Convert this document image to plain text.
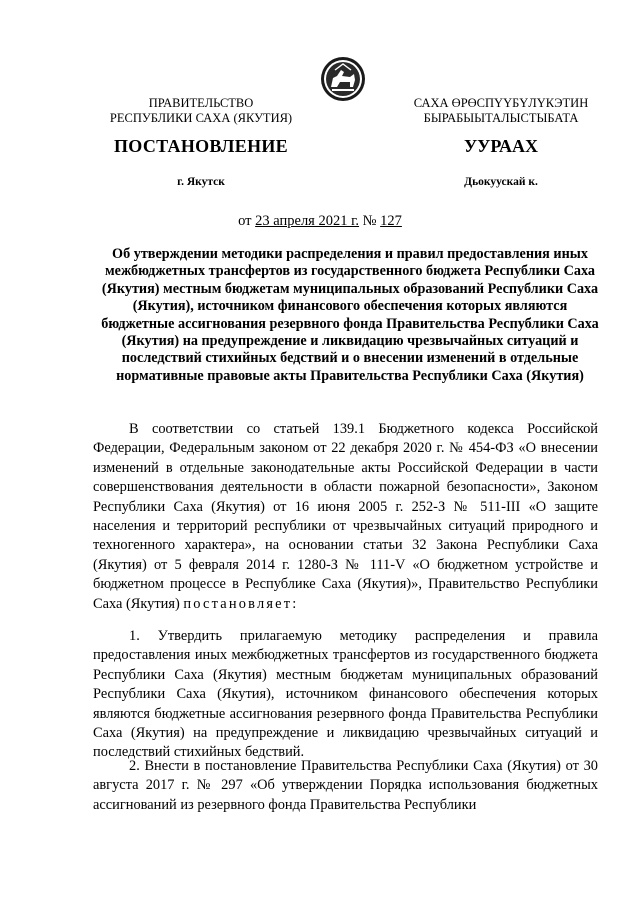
ПРАВИТЕЛЬСТВО
РЕСПУБЛИКИ САХА (ЯКУТИЯ)
САХА ӨРӨСПҮҮБҮЛҮКЭТИН
БЫРАБЫЫТАЛЫСТЫБАТА
ПОСТАНОВЛЕНИЕ	УУРААХ
г. Якутск	Дьокуускай к.
от 23 апреля 2021 г. № 127
Об утверждении методики распределения и правил предоставления иных межбюджетных трансфертов из государственного бюджета Республики Саха (Якутия) местным бюджетам муниципальных образований Республики Саха (Якутия), источником финансового обеспечения которых являются бюджетные ассигнования резервного фонда Правительства Республики Саха (Якутия) на предупреждение и ликвидацию чрезвычайных ситуаций и последствий стихийных бедствий и о внесении изменений в отдельные нормативные правовые акты Правительства Республики Саха (Якутия)

В соответствии со статьей 139.1 Бюджетного кодекса Российской Федерации, Федеральным законом от 22 декабря 2020 г. № 454-ФЗ «О внесении изменений в отдельные законодательные акты Российской Федерации в части совершенствования деятельности в области пожарной безопасности», Законом Республики Саха (Якутия) от 16 июня 2005 г. 252-З № 511-III «О защите населения и территорий республики от чрезвычайных ситуаций природного и техногенного характера», на основании статьи 32 Закона Республики Саха (Якутия) от 5 февраля 2014 г. 1280-З № 111-V «О бюджетном устройстве и бюджетном процессе в Республике Саха (Якутия)», Правительство Республики Саха (Якутия) постановляет:

1. Утвердить прилагаемую методику распределения и правила предоставления иных межбюджетных трансфертов из государственного бюджета Республики Саха (Якутия) местным бюджетам муниципальных образований Республики Саха (Якутия), источником финансового обеспечения которых являются бюджетные ассигнования резервного фонда Правительства Республики Саха (Якутия) на предупреждение и ликвидацию чрезвычайных ситуаций и последствий стихийных бедствий.

2. Внести в постановление Правительства Республики Саха (Якутия) от 30 августа 2017 г. № 297 «Об утверждении Порядка использования бюджетных ассигнований из резервного фонда Правительства Республики
